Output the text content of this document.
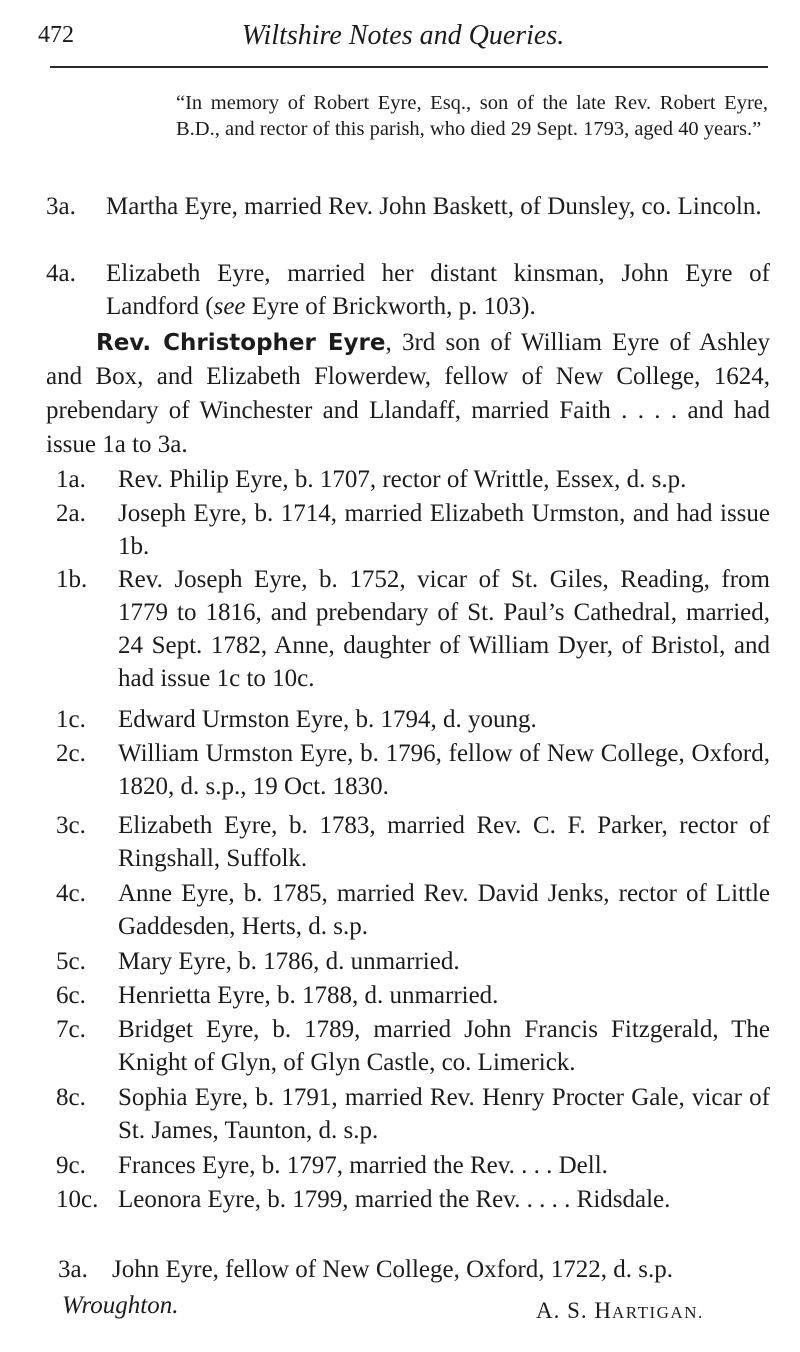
472	Wiltshire Notes and Queries.
“In memory of Robert Eyre, Esq., son of the late Rev. Robert Eyre, B.D., and rector of this parish, who died 29 Sept. 1793, aged 40 years.”
3a. Martha Eyre, married Rev. John Baskett, of Dunsley, co. Lincoln.
4a. Elizabeth Eyre, married her distant kinsman, John Eyre of Landford (see Eyre of Brickworth, p. 103).
Rev. Christopher Eyre, 3rd son of William Eyre of Ashley and Box, and Elizabeth Flowerdew, fellow of New College, 1624, prebendary of Winchester and Llandaff, married Faith . . . . and had issue 1a to 3a.
1a. Rev. Philip Eyre, b. 1707, rector of Writtle, Essex, d. s.p.
2a. Joseph Eyre, b. 1714, married Elizabeth Urmston, and had issue 1b.
1b. Rev. Joseph Eyre, b. 1752, vicar of St. Giles, Reading, from 1779 to 1816, and prebendary of St. Paul’s Cathedral, married, 24 Sept. 1782, Anne, daughter of William Dyer, of Bristol, and had issue 1c to 10c.
1c. Edward Urmston Eyre, b. 1794, d. young.
2c. William Urmston Eyre, b. 1796, fellow of New College, Oxford, 1820, d. s.p., 19 Oct. 1830.
3c. Elizabeth Eyre, b. 1783, married Rev. C. F. Parker, rector of Ringshall, Suffolk.
4c. Anne Eyre, b. 1785, married Rev. David Jenks, rector of Little Gaddesden, Herts, d. s.p.
5c. Mary Eyre, b. 1786, d. unmarried.
6c. Henrietta Eyre, b. 1788, d. unmarried.
7c. Bridget Eyre, b. 1789, married John Francis Fitzgerald, The Knight of Glyn, of Glyn Castle, co. Limerick.
8c. Sophia Eyre, b. 1791, married Rev. Henry Procter Gale, vicar of St. James, Taunton, d. s.p.
9c. Frances Eyre, b. 1797, married the Rev. . . . Dell.
10c. Leonora Eyre, b. 1799, married the Rev. . . . . Ridsdale.
3a. John Eyre, fellow of New College, Oxford, 1722, d. s.p.
Wroughton.	A. S. HARTIGAN.
